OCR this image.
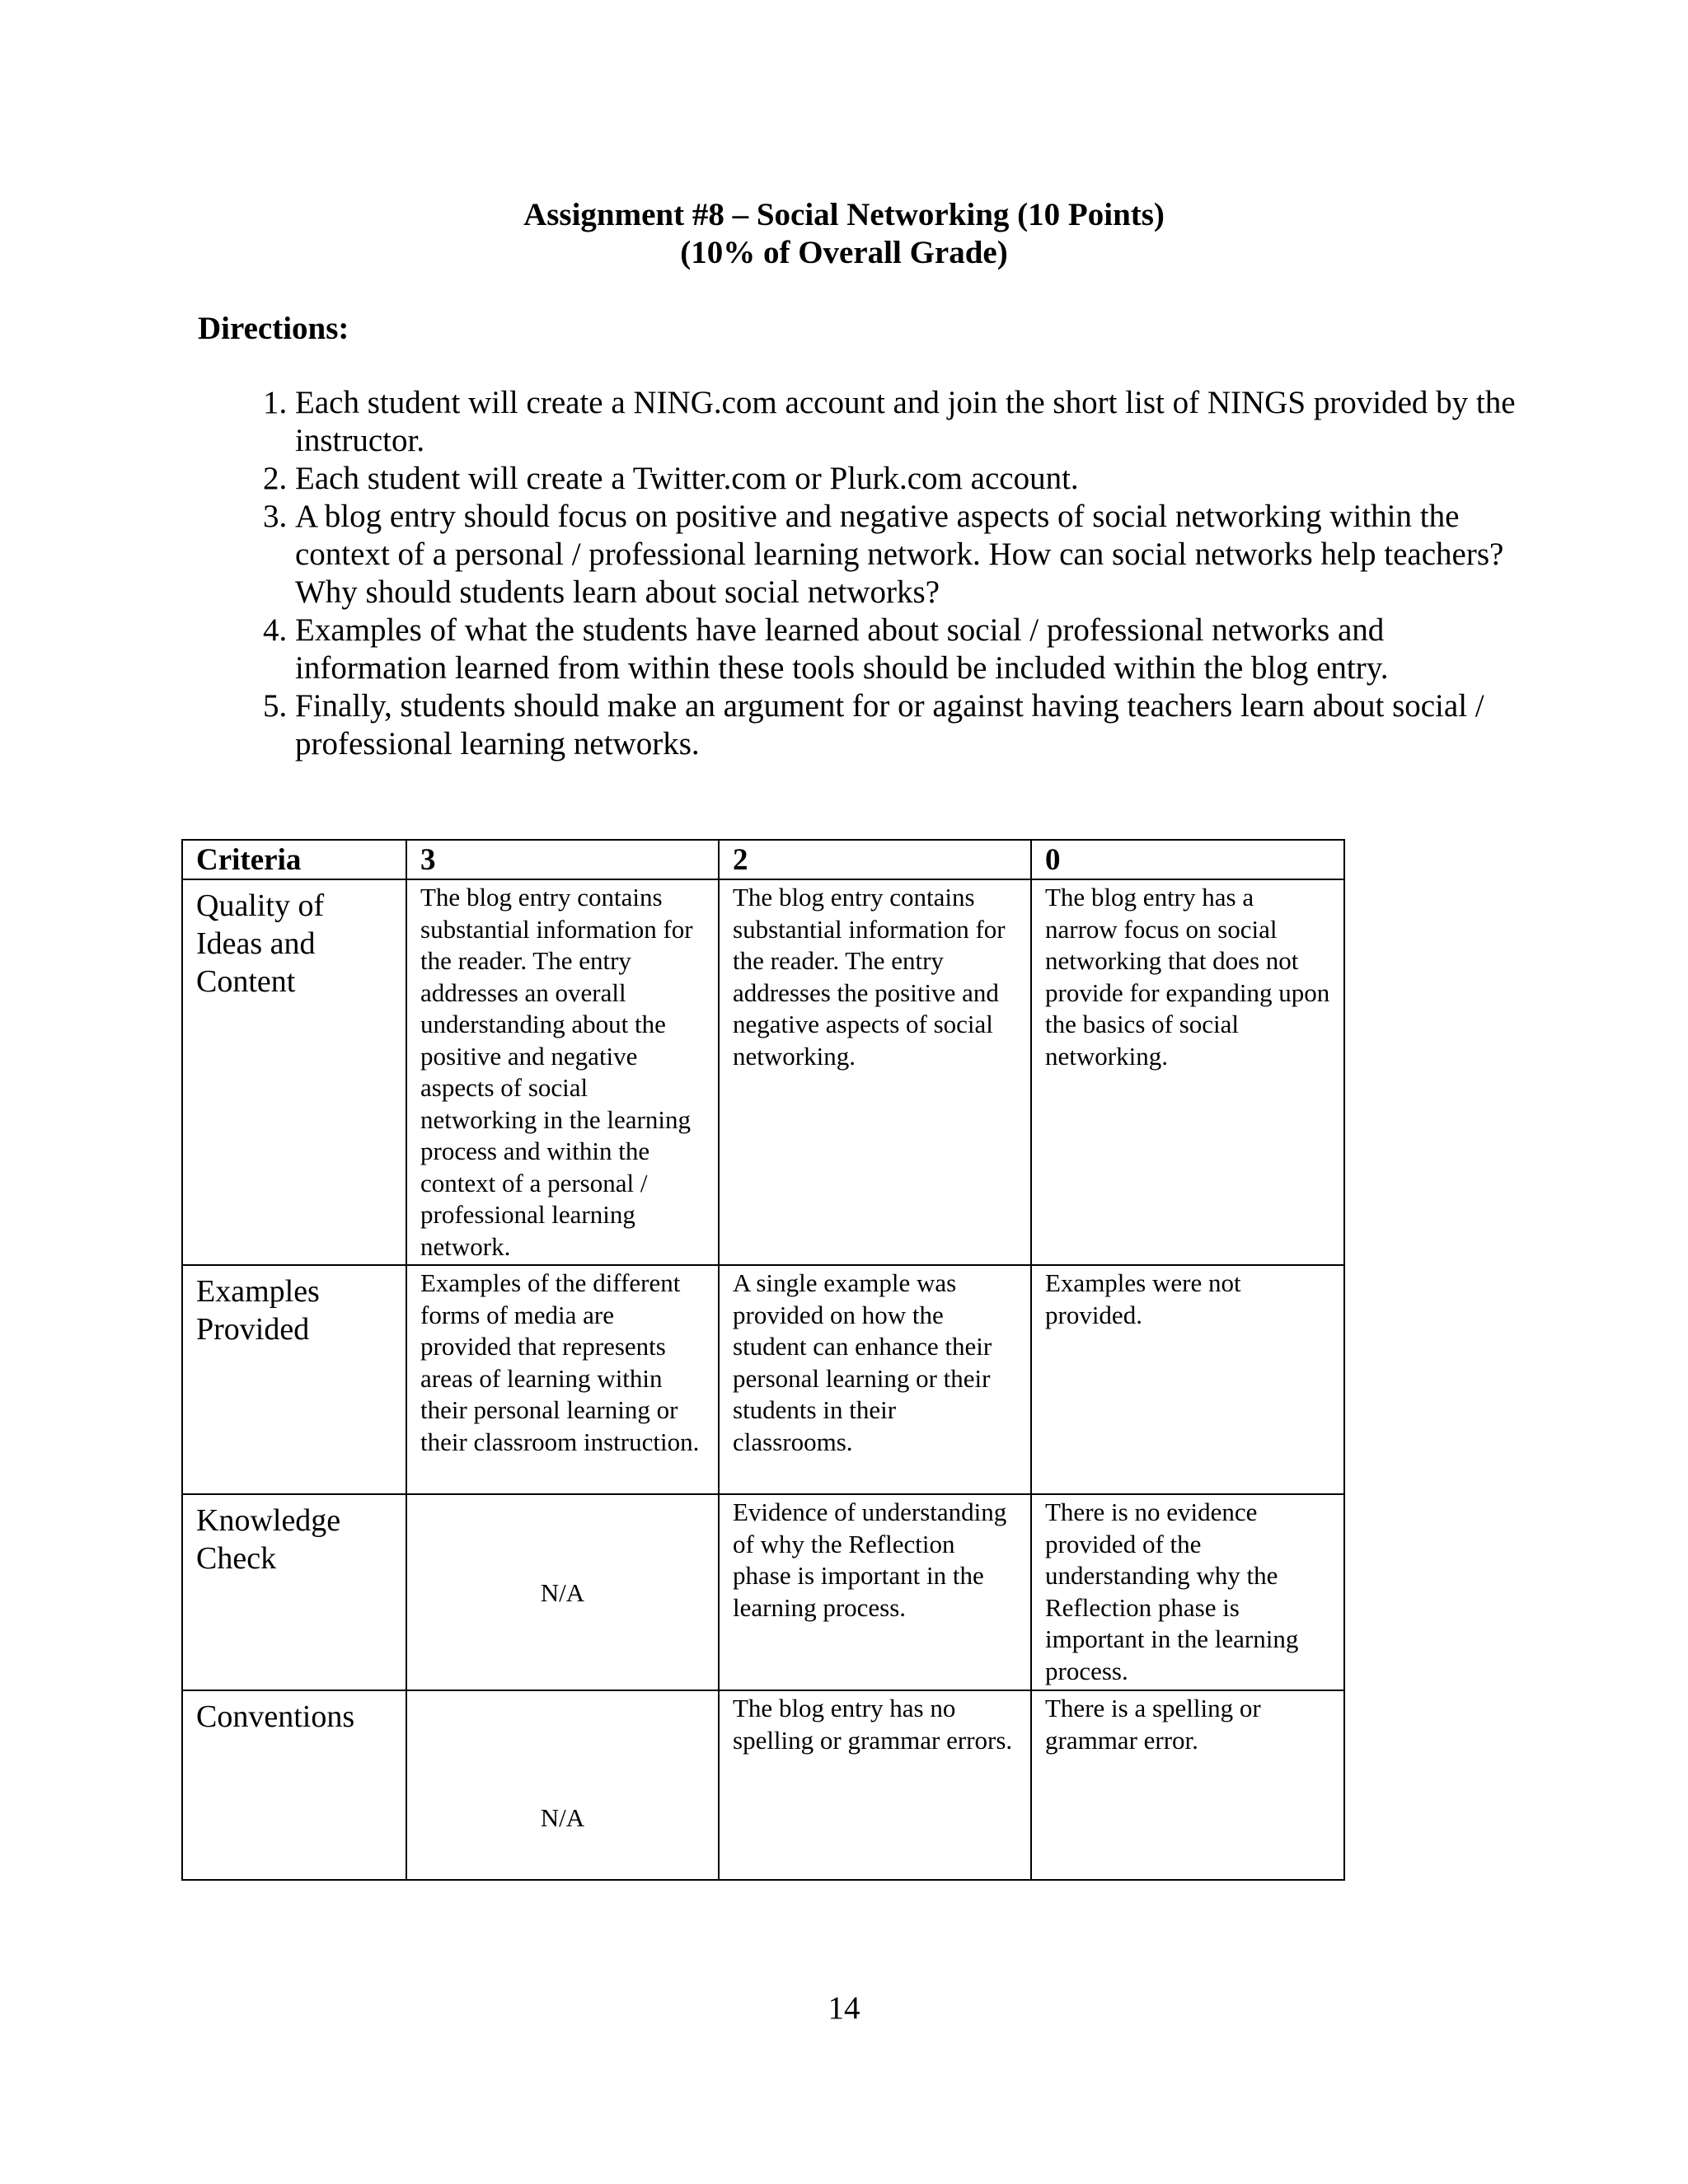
Assignment #8 – Social Networking (10 Points)

(10% of Overall Grade)

Directions:

1. Each student will create a NING.com account and join the short list of NINGS provided by the instructor.
2. Each student will create a Twitter.com or Plurk.com account.
3. A blog entry should focus on positive and negative aspects of social networking within the context of a personal / professional learning network. How can social networks help teachers? Why should students learn about social networks?
4. Examples of what the students have learned about social / professional networks and information learned from within these tools should be included within the blog entry.
5. Finally, students should make an argument for or against having teachers learn about social / professional learning networks.
Criteria	3	2	0
Quality of Ideas and Content	The blog entry contains substantial information for the reader. The entry addresses an overall understanding about the positive and negative aspects of social networking in the learning process and within the context of a personal / professional learning network.	The blog entry contains substantial information for the reader. The entry addresses the positive and negative aspects of social networking.	The blog entry has a narrow focus on social networking that does not provide for expanding upon the basics of social networking.
Examples Provided	Examples of the different forms of media are provided that represents areas of learning within their personal learning or their classroom instruction.	A single example was provided on how the student can enhance their personal learning or their students in their classrooms.	Examples were not provided.
Knowledge Check	N/A	Evidence of understanding of why the Reflection phase is important in the learning process.	There is no evidence provided of the understanding why the Reflection phase is important in the learning process.
Conventions	N/A	The blog entry has no spelling or grammar errors.	There is a spelling or grammar error.

14
